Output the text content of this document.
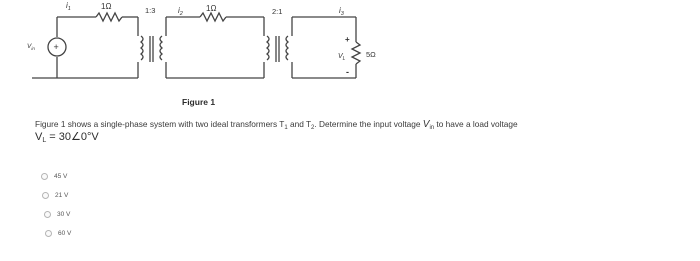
+
$i_1$	1Ω	1:3	$i_2$
1Ω	2:1	$i_3$
+
-
$V_L$	5Ω
$V_{in}$
Figure 1
Figure 1 shows a single-phase system with two ideal transformers $T_1$ and $T_2$. Determine the input voltage $V_{in}$ to have a load voltage
$V_L$ = 30∠0°V
45 V
21 V
30 V
60 V
